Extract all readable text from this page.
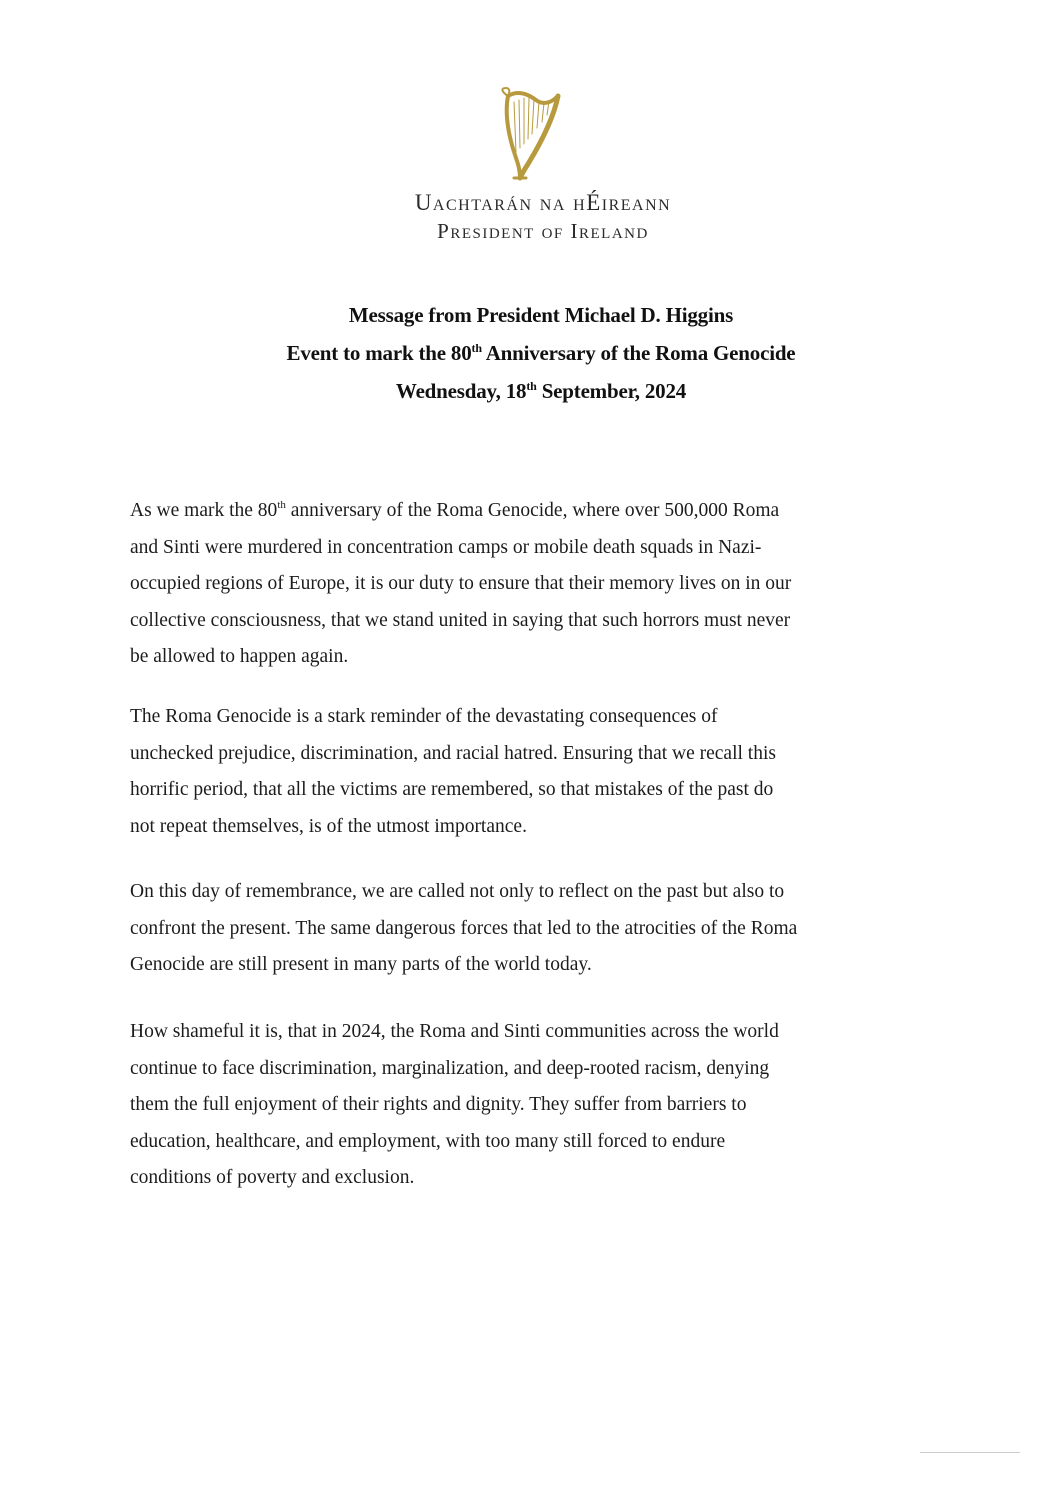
Uachtarán na hÉireann
President of Ireland
Message from President Michael D. Higgins
Event to mark the 80th Anniversary of the Roma Genocide
Wednesday, 18th September, 2024
As we mark the 80th anniversary of the Roma Genocide, where over 500,000 Roma
and Sinti were murdered in concentration camps or mobile death squads in Nazi-
occupied regions of Europe, it is our duty to ensure that their memory lives on in our
collective consciousness, that we stand united in saying that such horrors must never
be allowed to happen again.
The Roma Genocide is a stark reminder of the devastating consequences of
unchecked prejudice, discrimination, and racial hatred. Ensuring that we recall this
horrific period, that all the victims are remembered, so that mistakes of the past do
not repeat themselves, is of the utmost importance.
On this day of remembrance, we are called not only to reflect on the past but also to
confront the present. The same dangerous forces that led to the atrocities of the Roma
Genocide are still present in many parts of the world today.
How shameful it is, that in 2024, the Roma and Sinti communities across the world
continue to face discrimination, marginalization, and deep-rooted racism, denying
them the full enjoyment of their rights and dignity. They suffer from barriers to
education, healthcare, and employment, with too many still forced to endure
conditions of poverty and exclusion.
